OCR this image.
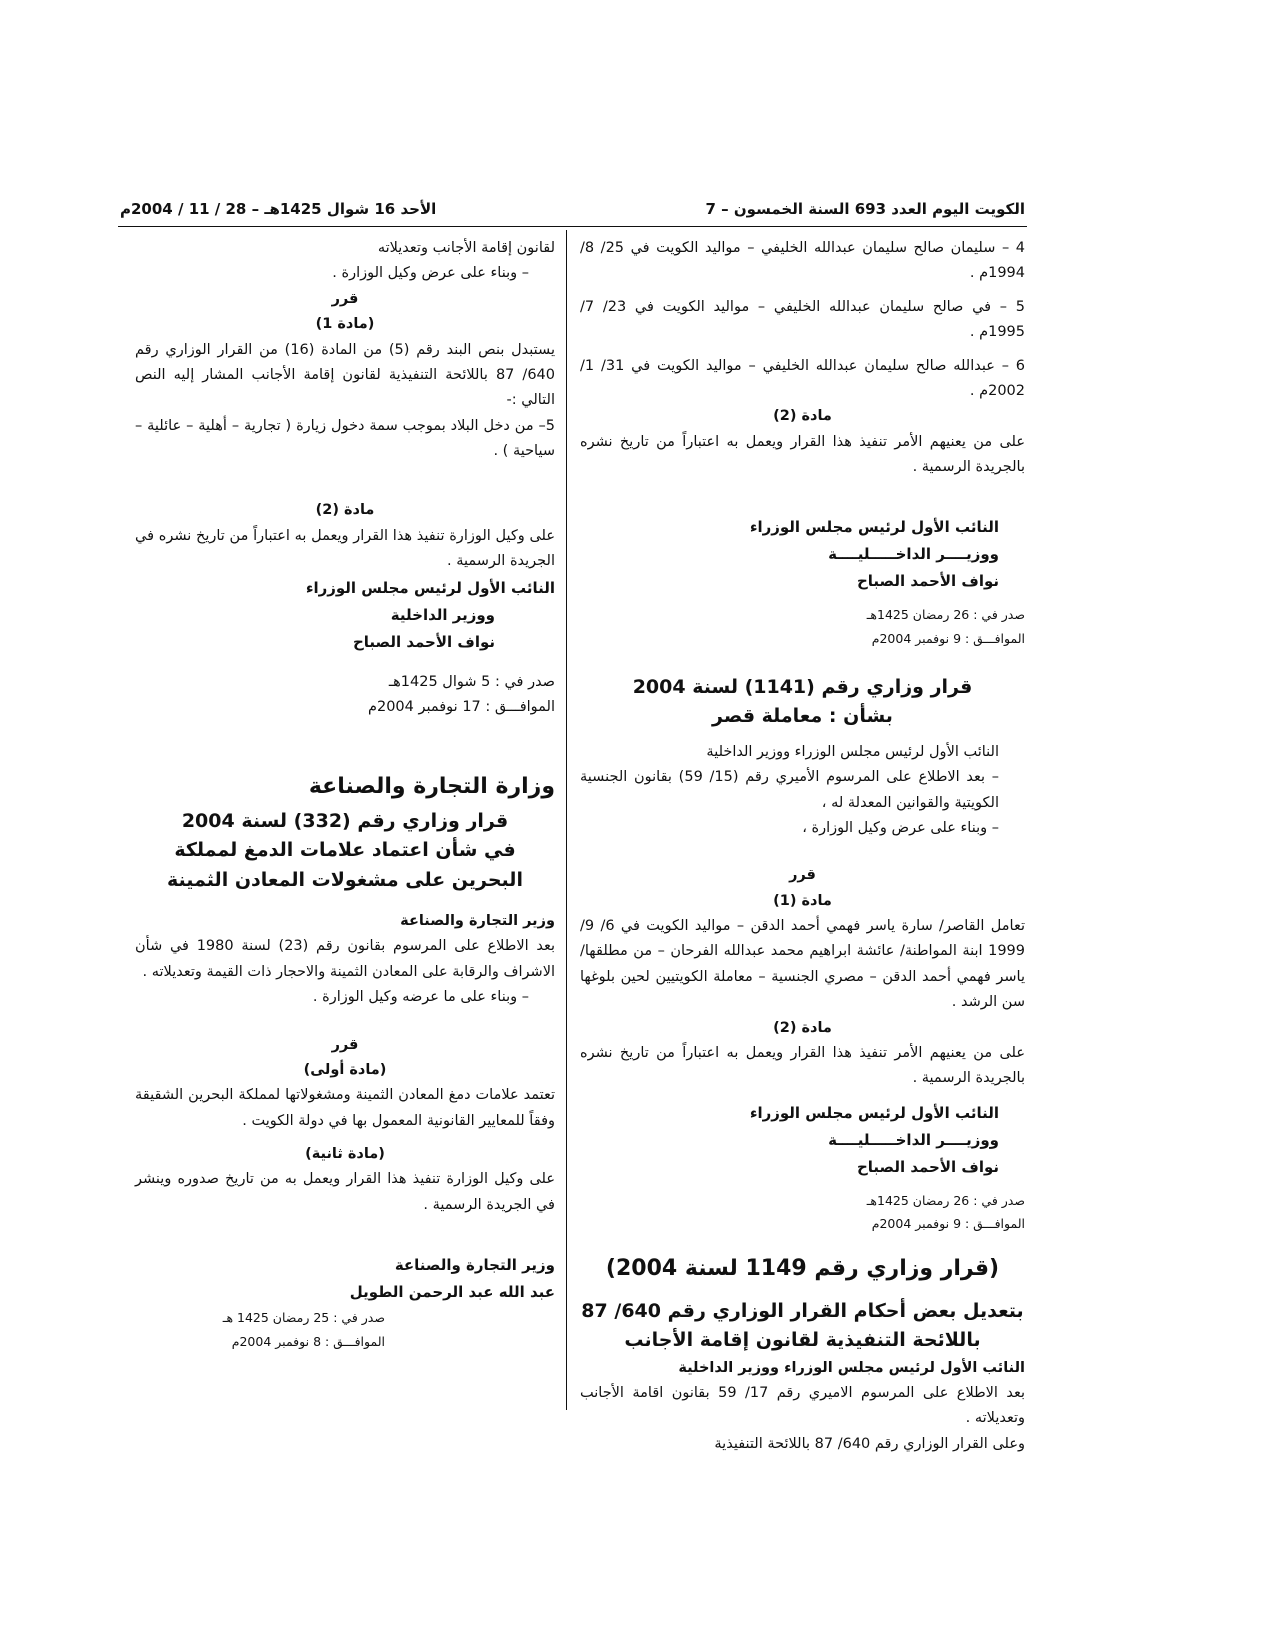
الكويت اليوم العدد 693 السنة الخمسون – 7
الأحد 16 شوال 1425هـ – 28 / 11 / 2004م

4 – سليمان صالح سليمان عبدالله الخليفي – مواليد الكويت في 25/ 8/ 1994م .

5 – في صالح سليمان عبدالله الخليفي – مواليد الكويت في 23/ 7/ 1995م .

6 – عبدالله صالح سليمان عبدالله الخليفي – مواليد الكويت في 31/ 1/ 2002م .

مادة (2)

على من يعنيهم الأمر تنفيذ هذا القرار ويعمل به اعتباراً من تاريخ نشره بالجريدة الرسمية .

النائب الأول لرئيس مجلس الوزراء
ووزيــــر الداخـــــليــــة
نواف الأحمد الصباح
صدر في : 26 رمضان 1425هـ
الموافـــق : 9 نوفمبر 2004م
قرار وزاري رقم (1141) لسنة 2004
بشأن : معاملة قصر

النائب الأول لرئيس مجلس الوزراء ووزير الداخلية

– بعد الاطلاع على المرسوم الأميري رقم (15/ 59) بقانون الجنسية الكويتية والقوانين المعدلة له ،

– وبناء على عرض وكيل الوزارة ،

قرر

مادة (1)

تعامل القاصر/ سارة ياسر فهمي أحمد الدقن – مواليد الكويت في 6/ 9/ 1999 ابنة المواطنة/ عائشة ابراهيم محمد عبدالله الفرحان – من مطلقها/ ياسر فهمي أحمد الدقن – مصري الجنسية – معاملة الكويتيين لحين بلوغها سن الرشد .

مادة (2)

على من يعنيهم الأمر تنفيذ هذا القرار ويعمل به اعتباراً من تاريخ نشره بالجريدة الرسمية .

النائب الأول لرئيس مجلس الوزراء
ووزيــــر الداخـــــليــــة
نواف الأحمد الصباح
صدر في : 26 رمضان 1425هـ
الموافـــق : 9 نوفمبر 2004م
(قرار وزاري رقم 1149 لسنة 2004)
بتعديل بعض أحكام القرار الوزاري رقم 640/ 87
باللائحة التنفيذية لقانون إقامة الأجانب

النائب الأول لرئيس مجلس الوزراء ووزير الداخلية

بعد الاطلاع على المرسوم الاميري رقم 17/ 59 بقانون اقامة الأجانب وتعديلاته .

وعلى القرار الوزاري رقم 640/ 87 باللائحة التنفيذية

لقانون إقامة الأجانب وتعديلاته

– وبناء على عرض وكيل الوزارة .

قرر

(مادة 1)

يستبدل بنص البند رقم (5) من المادة (16) من القرار الوزاري رقم 640/ 87 باللائحة التنفيذية لقانون إقامة الأجانب المشار إليه النص التالي :-

5– من دخل البلاد بموجب سمة دخول زيارة ( تجارية – أهلية – عائلية – سياحية ) .

مادة (2)

على وكيل الوزارة تنفيذ هذا القرار ويعمل به اعتباراً من تاريخ نشره في الجريدة الرسمية .

النائب الأول لرئيس مجلس الوزراء
ووزير الداخلية
نواف الأحمد الصباح
صدر في : 5 شوال 1425هـ
الموافـــق : 17 نوفمبر 2004م
وزارة التجارة والصناعة
قرار وزاري رقم (332) لسنة 2004
في شأن اعتماد علامات الدمغ لمملكة
البحرين على مشغولات المعادن الثمينة

وزير التجارة والصناعة

بعد الاطلاع على المرسوم بقانون رقم (23) لسنة 1980 في شأن الاشراف والرقابة على المعادن الثمينة والاحجار ذات القيمة وتعديلاته .

– وبناء على ما عرضه وكيل الوزارة .

قرر

(مادة أولى)

تعتمد علامات دمغ المعادن الثمينة ومشغولاتها لمملكة البحرين الشقيقة وفقاً للمعايير القانونية المعمول بها في دولة الكويت .

(مادة ثانية)

على وكيل الوزارة تنفيذ هذا القرار ويعمل به من تاريخ صدوره وينشر في الجريدة الرسمية .

وزير التجارة والصناعة
عبد الله عبد الرحمن الطويل
صدر في : 25 رمضان 1425 هـ
الموافـــق : 8 نوفمبر 2004م
